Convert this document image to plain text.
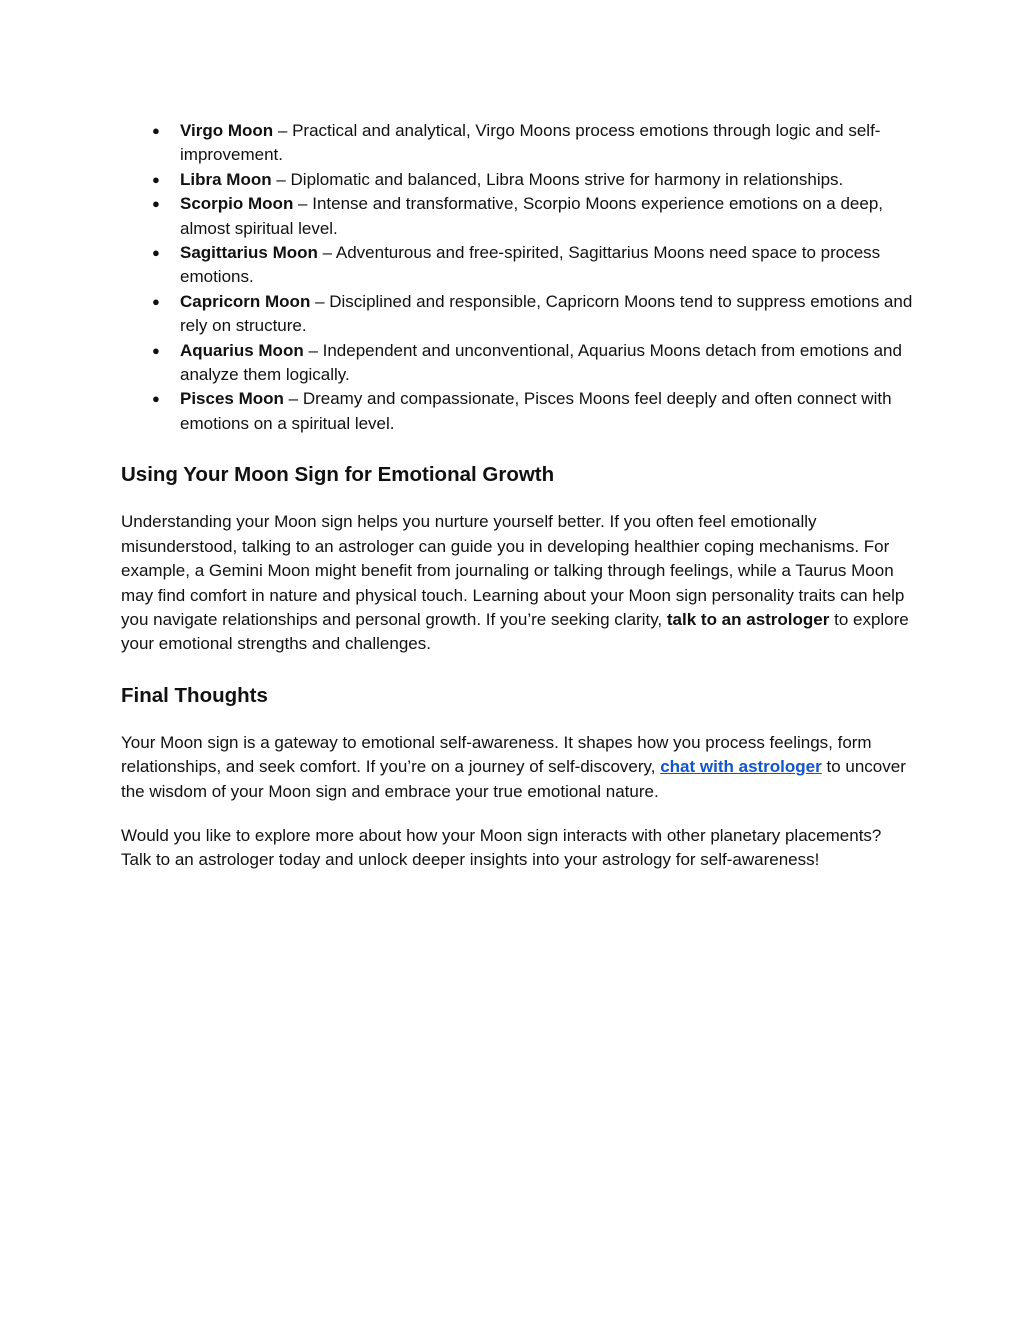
● Virgo Moon – Practical and analytical, Virgo Moons process emotions through logic and self-improvement.
● Libra Moon – Diplomatic and balanced, Libra Moons strive for harmony in relationships.
● Scorpio Moon – Intense and transformative, Scorpio Moons experience emotions on a deep, almost spiritual level.
● Sagittarius Moon – Adventurous and free-spirited, Sagittarius Moons need space to process emotions.
● Capricorn Moon – Disciplined and responsible, Capricorn Moons tend to suppress emotions and rely on structure.
● Aquarius Moon – Independent and unconventional, Aquarius Moons detach from emotions and analyze them logically.
● Pisces Moon – Dreamy and compassionate, Pisces Moons feel deeply and often connect with emotions on a spiritual level.
Using Your Moon Sign for Emotional Growth

Understanding your Moon sign helps you nurture yourself better. If you often feel emotionally misunderstood, talking to an astrologer can guide you in developing healthier coping mechanisms. For example, a Gemini Moon might benefit from journaling or talking through feelings, while a Taurus Moon may find comfort in nature and physical touch. Learning about your Moon sign personality traits can help you navigate relationships and personal growth. If you’re seeking clarity, talk to an astrologer to explore your emotional strengths and challenges.

Final Thoughts

Your Moon sign is a gateway to emotional self-awareness. It shapes how you process feelings, form relationships, and seek comfort. If you’re on a journey of self-discovery, chat with astrologer to uncover the wisdom of your Moon sign and embrace your true emotional nature.

Would you like to explore more about how your Moon sign interacts with other planetary placements? Talk to an astrologer today and unlock deeper insights into your astrology for self-awareness!
